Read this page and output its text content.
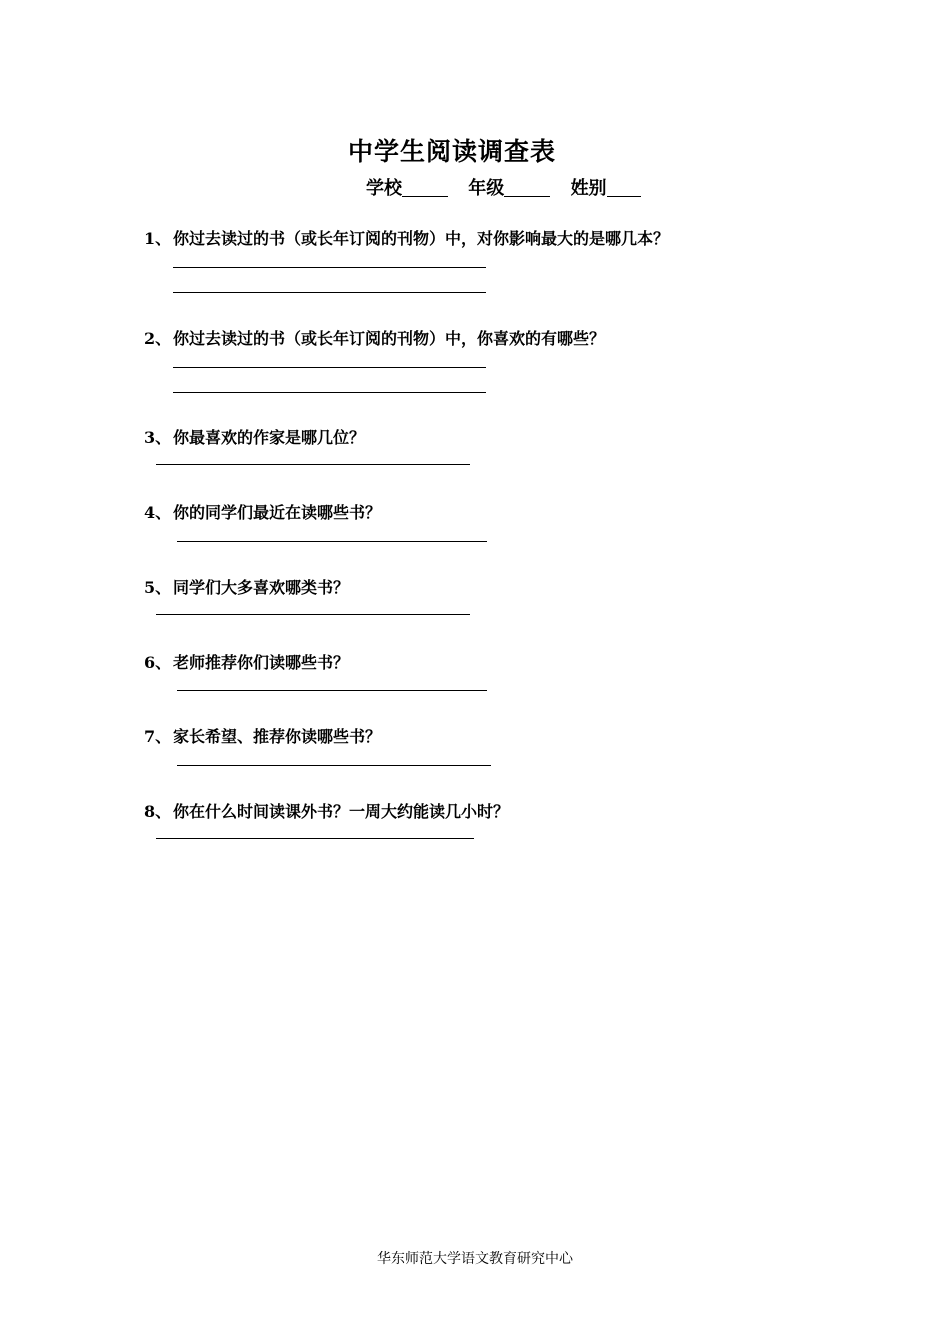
中学生阅读调查表
学校	年级	姓别
1、 你过去读过的书（或长年订阅的刊物）中，对你影响最大的是哪几本？
2、 你过去读过的书（或长年订阅的刊物）中，你喜欢的有哪些？
3、 你最喜欢的作家是哪几位？
4、 你的同学们最近在读哪些书？
5、 同学们大多喜欢哪类书？
6、 老师推荐你们读哪些书？
7、 家长希望、推荐你读哪些书？
8、 你在什么时间读课外书？一周大约能读几小时？
华东师范大学语文教育研究中心
